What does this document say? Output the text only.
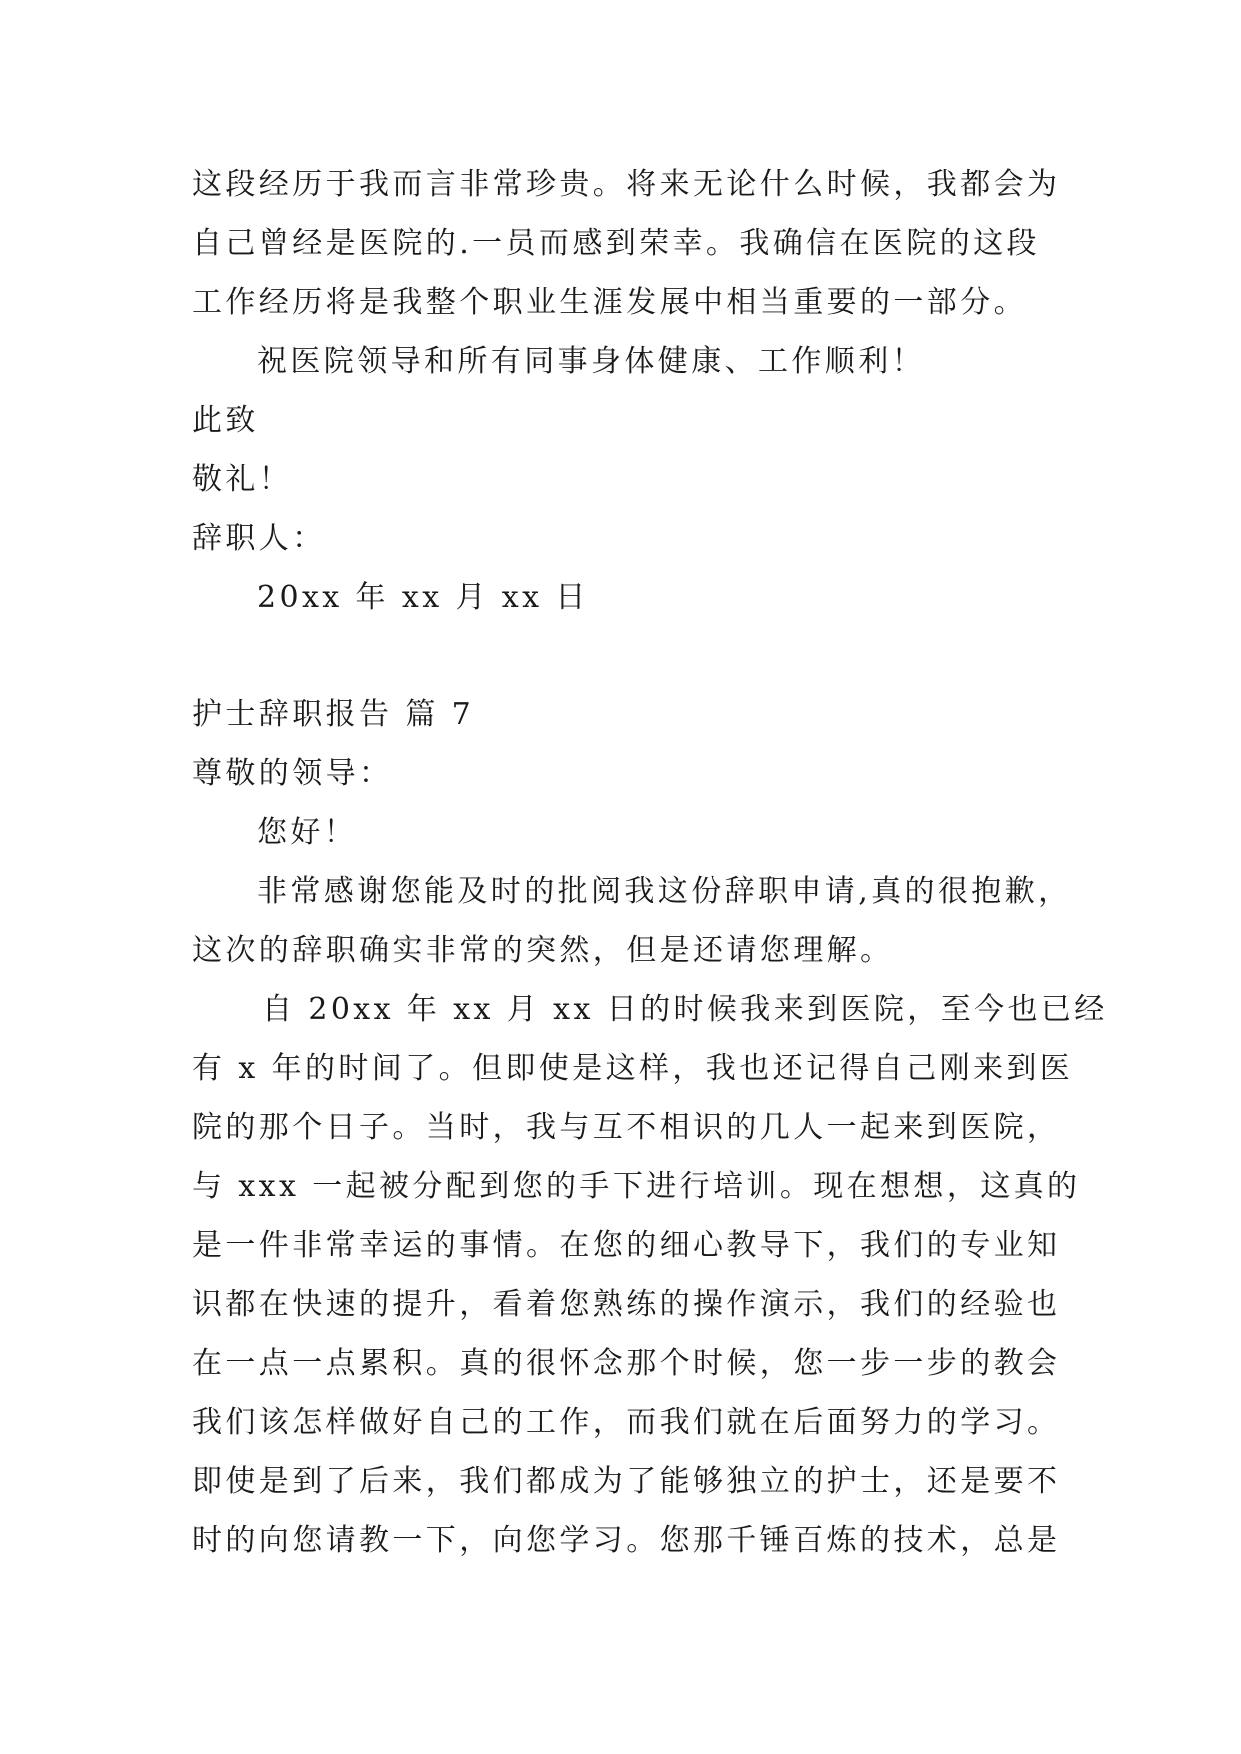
这段经历于我而言非常珍贵。将来无论什么时候，我都会为
自己曾经是医院的.一员而感到荣幸。我确信在医院的这段
工作经历将是我整个职业生涯发展中相当重要的一部分。
祝医院领导和所有同事身体健康、工作顺利！
此致
敬礼！
辞职人：
20xx 年 xx 月 xx 日
护士辞职报告 篇 7
尊敬的领导：
您好！
非常感谢您能及时的批阅我这份辞职申请,真的很抱歉，
这次的辞职确实非常的突然，但是还请您理解。
自 20xx 年 xx 月 xx 日的时候我来到医院，至今也已经
有 x 年的时间了。但即使是这样，我也还记得自己刚来到医
院的那个日子。当时，我与互不相识的几人一起来到医院，
与 xxx 一起被分配到您的手下进行培训。现在想想，这真的
是一件非常幸运的事情。在您的细心教导下，我们的专业知
识都在快速的提升，看着您熟练的操作演示，我们的经验也
在一点一点累积。真的很怀念那个时候，您一步一步的教会
我们该怎样做好自己的工作，而我们就在后面努力的学习。
即使是到了后来，我们都成为了能够独立的护士，还是要不
时的向您请教一下，向您学习。您那千锤百炼的技术，总是
